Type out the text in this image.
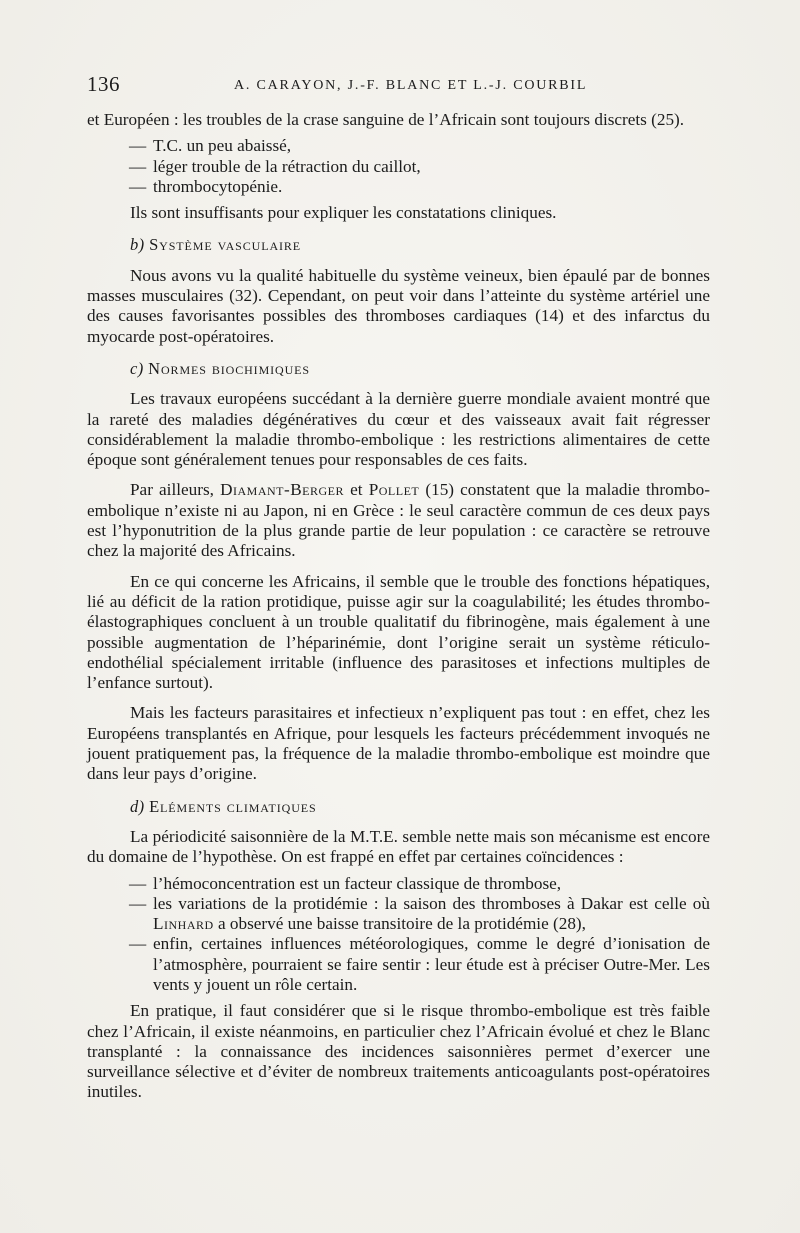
136	A. CARAYON, J.-F. BLANC ET L.-J. COURBIL

et Européen : les troubles de la crase sanguine de l’Africain sont toujours discrets (25).

— T.C. un peu abaissé,
— léger trouble de la rétraction du caillot,
— thrombocytopénie.

Ils sont insuffisants pour expliquer les constatations cliniques.

b) Système vasculaire

Nous avons vu la qualité habituelle du système veineux, bien épaulé par de bonnes masses musculaires (32). Cependant, on peut voir dans l’atteinte du système artériel une des causes favorisantes possibles des thromboses cardiaques (14) et des infarctus du myocarde post-opératoires.

c) Normes biochimiques

Les travaux européens succédant à la dernière guerre mondiale avaient montré que la rareté des maladies dégénératives du cœur et des vaisseaux avait fait régresser considérablement la maladie thrombo-embolique : les restrictions alimentaires de cette époque sont généralement tenues pour responsables de ces faits.

Par ailleurs, Diamant-Berger et Pollet (15) constatent que la maladie thrombo-embolique n’existe ni au Japon, ni en Grèce : le seul caractère commun de ces deux pays est l’hyponutrition de la plus grande partie de leur population : ce caractère se retrouve chez la majorité des Africains.

En ce qui concerne les Africains, il semble que le trouble des fonctions hépatiques, lié au déficit de la ration protidique, puisse agir sur la coagulabilité; les études thrombo-élastographiques concluent à un trouble qualitatif du fibrinogène, mais également à une possible augmentation de l’héparinémie, dont l’origine serait un système réticulo-endothélial spécialement irritable (influence des parasitoses et infections multiples de l’enfance surtout).

Mais les facteurs parasitaires et infectieux n’expliquent pas tout : en effet, chez les Européens transplantés en Afrique, pour lesquels les facteurs précédemment invoqués ne jouent pratiquement pas, la fréquence de la maladie thrombo-embolique est moindre que dans leur pays d’origine.

d) Eléments climatiques

La périodicité saisonnière de la M.T.E. semble nette mais son mécanisme est encore du domaine de l’hypothèse. On est frappé en effet par certaines coïncidences :

— l’hémoconcentration est un facteur classique de thrombose,
— les variations de la protidémie : la saison des thromboses à Dakar est celle où Linhard a observé une baisse transitoire de la protidémie (28),
— enfin, certaines influences météorologiques, comme le degré d’ionisation de l’atmosphère, pourraient se faire sentir : leur étude est à préciser Outre-Mer. Les vents y jouent un rôle certain.

En pratique, il faut considérer que si le risque thrombo-embolique est très faible chez l’Africain, il existe néanmoins, en particulier chez l’Africain évolué et chez le Blanc transplanté : la connaissance des incidences saisonnières permet d’exercer une surveillance sélective et d’éviter de nombreux traitements anticoagulants post-opératoires inutiles.
